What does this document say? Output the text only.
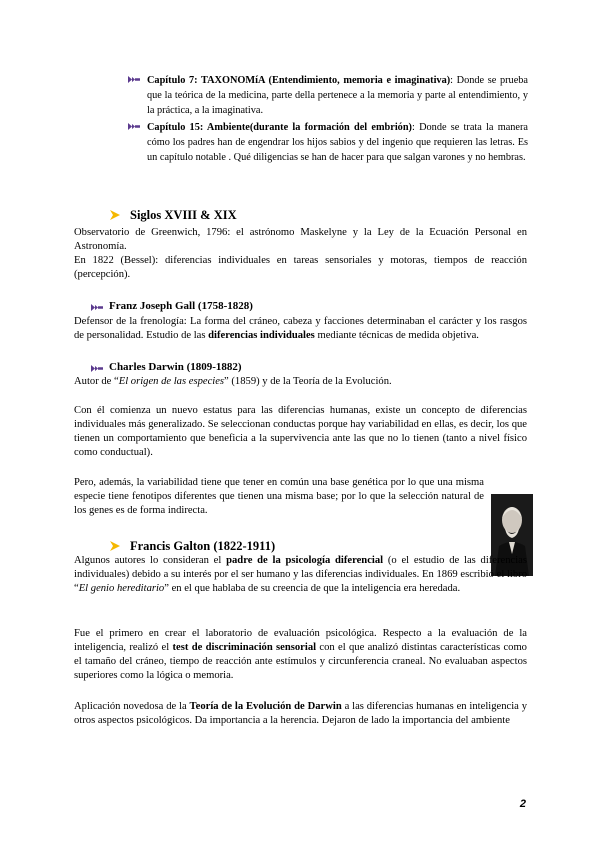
Capítulo 7: TAXONOMíA (Entendimiento, memoria e imaginativa): Donde se prueba que la teórica de la medicina, parte della pertenece a la memoria y parte al entendimiento, y la práctica, a la imaginativa.

Capítulo 15: Ambiente(durante la formación del embrión): Donde se trata la manera cómo los padres han de engendrar los hijos sabios y del ingenio que requieren las letras. Es un capítulo notable . Qué diligencias se han de hacer para que salgan varones y no hembras.

Siglos XVIII & XIX

Observatorio de Greenwich, 1796: el astrónomo Maskelyne y la Ley de la Ecuación Personal en Astronomía.

En 1822 (Bessel): diferencias individuales en tareas sensoriales y motoras, tiempos de reacción (percepción).

Franz Joseph Gall (1758-1828)

Defensor de la frenología: La forma del cráneo, cabeza y facciones determinaban el carácter y los rasgos de personalidad. Estudio de las diferencias individuales mediante técnicas de medida objetiva.

Charles Darwin (1809-1882)

Autor de “El origen de las especies” (1859) y de la Teoría de la Evolución.

Con él comienza un nuevo estatus para las diferencias humanas, existe un concepto de diferencias individuales más generalizado. Se seleccionan conductas porque hay variabilidad en ellas, es decir, los que tienen un comportamiento que beneficia a la supervivencia ante las que no lo tienen (tanto a nivel físico como conductual).

Pero, además, la variabilidad tiene que tener en común una base genética por lo que una misma especie tiene fenotipos diferentes que tienen una misma base; por lo que la selección natural de los genes es de forma indirecta.

Francis Galton (1822-1911)

Algunos autores lo consideran el padre de la psicología diferencial (o el estudio de las diferencias individuales) debido a su interés por el ser humano y las diferencias individuales. En 1869 escribió el libro “El genio hereditario” en el que hablaba de su creencia de que la inteligencia era heredada.

Fue el primero en crear el laboratorio de evaluación psicológica. Respecto a la evaluación de la inteligencia, realizó el test de discriminación sensorial con el que analizó distintas características como el tamaño del cráneo, tiempo de reacción ante estímulos y circunferencia craneal. No evaluaban aspectos superiores como la lógica o memoria.

Aplicación novedosa de la Teoría de la Evolución de Darwin a las diferencias humanas en inteligencia y otros aspectos psicológicos. Da importancia a la herencia. Dejaron de lado la importancia del ambiente

2
